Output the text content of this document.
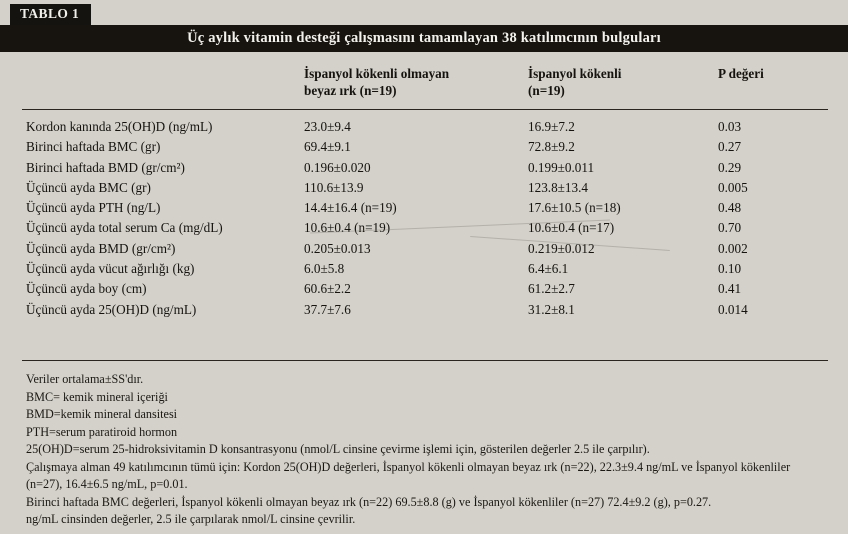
TABLO 1
Üç aylık vitamin desteği çalışmasını tamamlayan 38 katılımcının bulguları

İspanyol kökenli olmayan
beyaz ırk (n=19)

İspanyol kökenli
(n=19)

P değeri

Kordon kanında 25(OH)D (ng/mL)	23.0±9.4	16.9±7.2	0.03
Birinci haftada BMC (gr)	69.4±9.1	72.8±9.2	0.27
Birinci haftada BMD (gr/cm²)	0.196±0.020	0.199±0.011	0.29
Üçüncü ayda BMC (gr)	110.6±13.9	123.8±13.4	0.005
Üçüncü ayda PTH (ng/L)	14.4±16.4 (n=19)	17.6±10.5 (n=18)	0.48
Üçüncü ayda total serum Ca (mg/dL)	10.6±0.4 (n=19)	10.6±0.4 (n=17)	0.70
Üçüncü ayda BMD (gr/cm²)	0.205±0.013	0.219±0.012	0.002
Üçüncü ayda vücut ağırlığı (kg)	6.0±5.8	6.4±6.1	0.10
Üçüncü ayda boy (cm)	60.6±2.2	61.2±2.7	0.41
Üçüncü ayda 25(OH)D (ng/mL)	37.7±7.6	31.2±8.1	0.014

Veriler ortalama±SS'dır.

BMC= kemik mineral içeriği

BMD=kemik mineral dansitesi

PTH=serum paratiroid hormon

25(OH)D=serum 25-hidroksivitamin D konsantrasyonu (nmol/L cinsine çevirme işlemi için, gösterilen değerler 2.5 ile çarpılır).

Çalışmaya alman 49 katılımcının tümü için: Kordon 25(OH)D değerleri, İspanyol kökenli olmayan beyaz ırk (n=22), 22.3±9.4 ng/mL ve İspanyol kökenliler (n=27), 16.4±6.5 ng/mL, p=0.01.

Birinci haftada BMC değerleri, İspanyol kökenli olmayan beyaz ırk (n=22) 69.5±8.8 (g) ve İspanyol kökenliler (n=27) 72.4±9.2 (g), p=0.27.

ng/mL cinsinden değerler, 2.5 ile çarpılarak nmol/L cinsine çevrilir.
